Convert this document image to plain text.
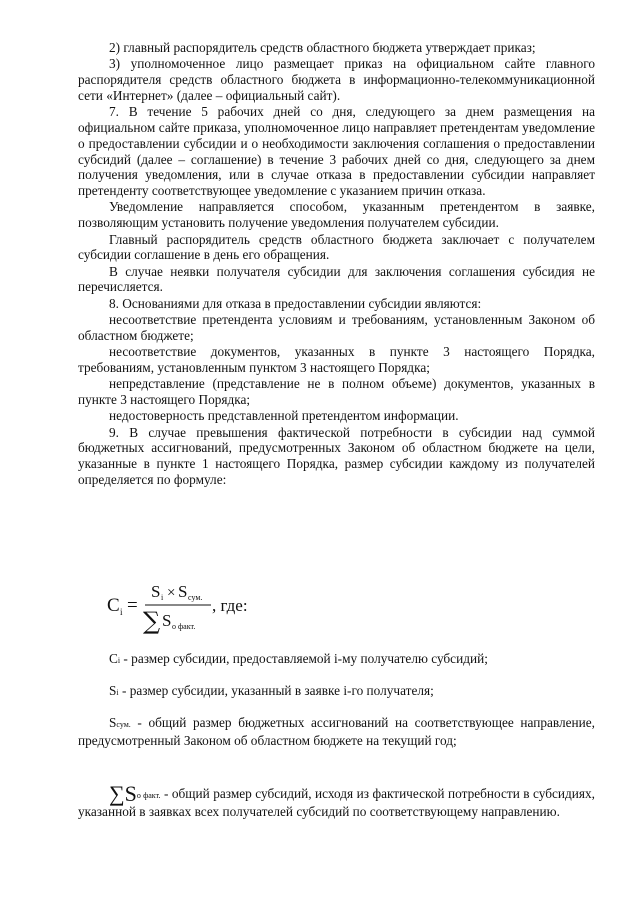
2) главный распорядитель средств областного бюджета утверждает приказ;

3) уполномоченное лицо размещает приказ на официальном сайте главного распорядителя средств областного бюджета в информационно-телекоммуникационной сети «Интернет» (далее – официальный сайт).

7. В течение 5 рабочих дней со дня, следующего за днем размещения на официальном сайте приказа, уполномоченное лицо направляет претендентам уведомление о предоставлении субсидии и о необходимости заключения соглашения о предоставлении субсидий (далее – соглашение) в течение 3 рабочих дней со дня, следующего за днем получения уведомления, или в случае отказа в предоставлении субсидии направляет претенденту соответствующее уведомление с указанием причин отказа.

Уведомление направляется способом, указанным претендентом в заявке, позволяющим установить получение уведомления получателем субсидии.

Главный распорядитель средств областного бюджета заключает с получателем субсидии соглашение в день его обращения.

В случае неявки получателя субсидии для заключения соглашения субсидия не перечисляется.

8. Основаниями для отказа в предоставлении субсидии являются:

несоответствие претендента условиям и требованиям, установленным Законом об областном бюджете;

несоответствие документов, указанных в пункте 3 настоящего Порядка, требованиям, установленным пунктом 3 настоящего Порядка;

непредставление (представление не в полном объеме) документов, указанных в пункте 3 настоящего Порядка;

недостоверность представленной претендентом информации.

9. В случае превышения фактической потребности в субсидии над суммой бюджетных ассигнований, предусмотренных Законом об областном бюджете на цели, указанные в пункте 1 настоящего Порядка, размер субсидии каждому из получателей определяется по формуле:

C i =
S i × S сум.
∑ S о факт.
, где:

Ci - размер субсидии, предоставляемой i-му получателю субсидий;

Si - размер субсидии, указанный в заявке i-го получателя;

Sсум. - общий размер бюджетных ассигнований на соответствующее направление, предусмотренный Законом об областном бюджете на текущий год;

∑Sо факт. - общий размер субсидий, исходя из фактической потребности в субсидиях, указанной в заявках всех получателей субсидий по соответствующему направлению.
